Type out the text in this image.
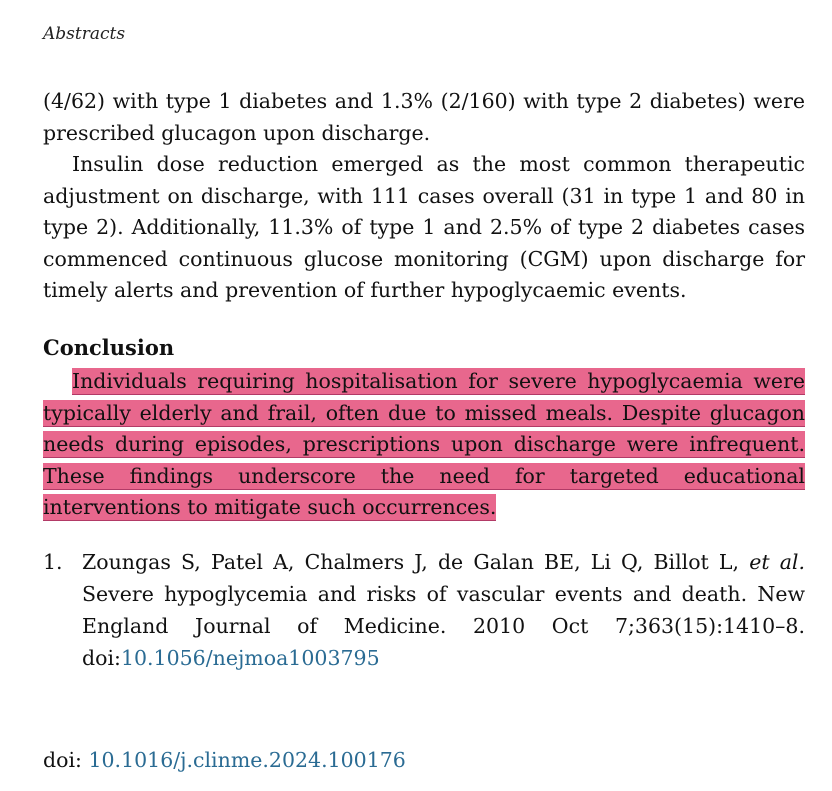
Abstracts

(4/62) with type 1 diabetes and 1.3% (2/160) with type 2 diabetes) were prescribed glucagon upon discharge.

Insulin dose reduction emerged as the most common therapeutic adjustment on discharge, with 111 cases overall (31 in type 1 and 80 in type 2). Additionally, 11.3% of type 1 and 2.5% of type 2 diabetes cases commenced continuous glucose monitoring (CGM) upon discharge for timely alerts and prevention of further hypoglycaemic events.

Conclusion
Individuals requiring hospitalisation for severe hypoglycaemia were typically elderly and frail, often due to missed meals. Despite glucagon needs during episodes, prescriptions upon discharge were infrequent. These findings underscore the need for targeted educational interventions to mitigate such occurrences.
1. Zoungas S, Patel A, Chalmers J, de Galan BE, Li Q, Billot L, et al. Severe hypoglycemia and risks of vascular events and death. New England Journal of Medicine. 2010 Oct 7;363(15):1410–8. doi:10.1056/nejmoa1003795
doi: 10.1016/j.clinme.2024.100176
